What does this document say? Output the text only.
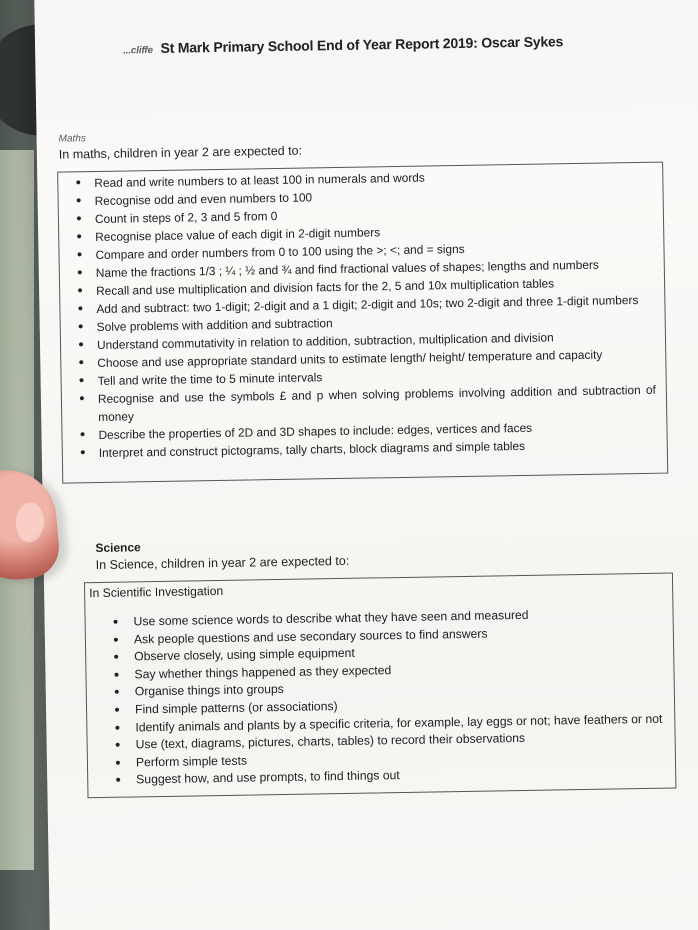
...cliffe St Mark Primary School End of Year Report 2019: Oscar Sykes
Maths
In maths, children in year 2 are expected to:
• Read and write numbers to at least 100 in numerals and words
• Recognise odd and even numbers to 100
• Count in steps of 2, 3 and 5 from 0
• Recognise place value of each digit in 2-digit numbers
• Compare and order numbers from 0 to 100 using the >; <; and = signs
• Name the fractions 1/3 ; ¼ ; ½ and ¾ and find fractional values of shapes; lengths and numbers
• Recall and use multiplication and division facts for the 2, 5 and 10x multiplication tables
• Add and subtract: two 1-digit; 2-digit and a 1 digit; 2-digit and 10s; two 2-digit and three 1-digit numbers
• Solve problems with addition and subtraction
• Understand commutativity in relation to addition, subtraction, multiplication and division
• Choose and use appropriate standard units to estimate length/ height/ temperature and capacity
• Tell and write the time to 5 minute intervals
• Recognise and use the symbols £ and p when solving problems involving addition and subtraction of money
• Describe the properties of 2D and 3D shapes to include: edges, vertices and faces
• Interpret and construct pictograms, tally charts, block diagrams and simple tables
Science
In Science, children in year 2 are expected to:
In Scientific Investigation
• Use some science words to describe what they have seen and measured
• Ask people questions and use secondary sources to find answers
• Observe closely, using simple equipment
• Say whether things happened as they expected
• Organise things into groups
• Find simple patterns (or associations)
• Identify animals and plants by a specific criteria, for example, lay eggs or not; have feathers or not
• Use (text, diagrams, pictures, charts, tables) to record their observations
• Perform simple tests
• Suggest how, and use prompts, to find things out
